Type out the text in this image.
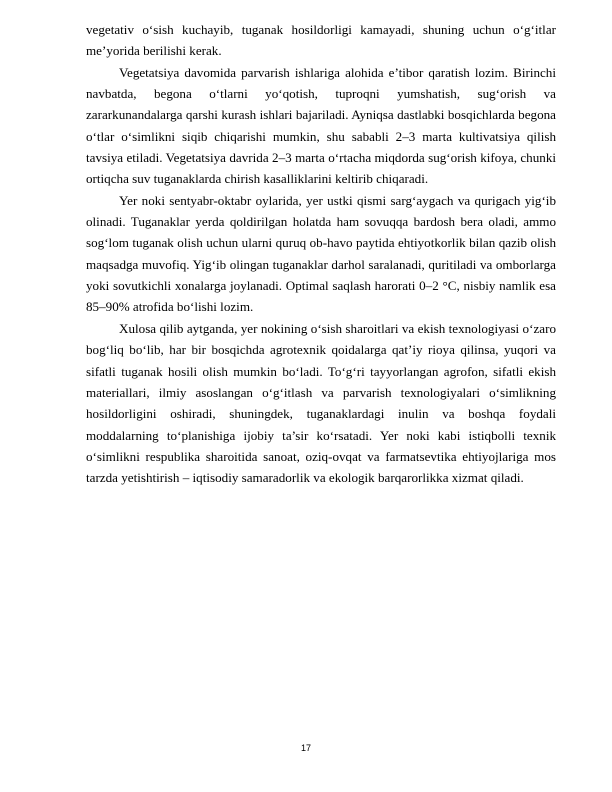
vegetativ o‘sish kuchayib, tuganak hosildorligi kamayadi, shuning uchun o‘g‘itlar me’yorida berilishi kerak.

Vegetatsiya davomida parvarish ishlariga alohida e’tibor qaratish lozim. Birinchi navbatda, begona o‘tlarni yo‘qotish, tuproqni yumshatish, sug‘orish va zararkunandalarga qarshi kurash ishlari bajariladi. Ayniqsa dastlabki bosqichlarda begona o‘tlar o‘simlikni siqib chiqarishi mumkin, shu sababli 2–3 marta kultivatsiya qilish tavsiya etiladi. Vegetatsiya davrida 2–3 marta o‘rtacha miqdorda sug‘orish kifoya, chunki ortiqcha suv tuganaklarda chirish kasalliklarini keltirib chiqaradi.

Yer noki sentyabr-oktabr oylarida, yer ustki qismi sarg‘aygach va qurigach yig‘ib olinadi. Tuganaklar yerda qoldirilgan holatda ham sovuqqa bardosh bera oladi, ammo sog‘lom tuganak olish uchun ularni quruq ob-havo paytida ehtiyotkorlik bilan qazib olish maqsadga muvofiq. Yig‘ib olingan tuganaklar darhol saralanadi, quritiladi va omborlarga yoki sovutkichli xonalarga joylanadi. Optimal saqlash harorati 0–2 °C, nisbiy namlik esa 85–90% atrofida bo‘lishi lozim.

Xulosa qilib aytganda, yer nokining o‘sish sharoitlari va ekish texnologiyasi o‘zaro bog‘liq bo‘lib, har bir bosqichda agrotexnik qoidalarga qat’iy rioya qilinsa, yuqori va sifatli tuganak hosili olish mumkin bo‘ladi. To‘g‘ri tayyorlangan agrofon, sifatli ekish materiallari, ilmiy asoslangan o‘g‘itlash va parvarish texnologiyalari o‘simlikning hosildorligini oshiradi, shuningdek, tuganaklardagi inulin va boshqa foydali moddalarning to‘planishiga ijobiy ta’sir ko‘rsatadi. Yer noki kabi istiqbolli texnik o‘simlikni respublika sharoitida sanoat, oziq-ovqat va farmatsevtika ehtiyojlariga mos tarzda yetishtirish – iqtisodiy samaradorlik va ekologik barqarorlikka xizmat qiladi.

17
